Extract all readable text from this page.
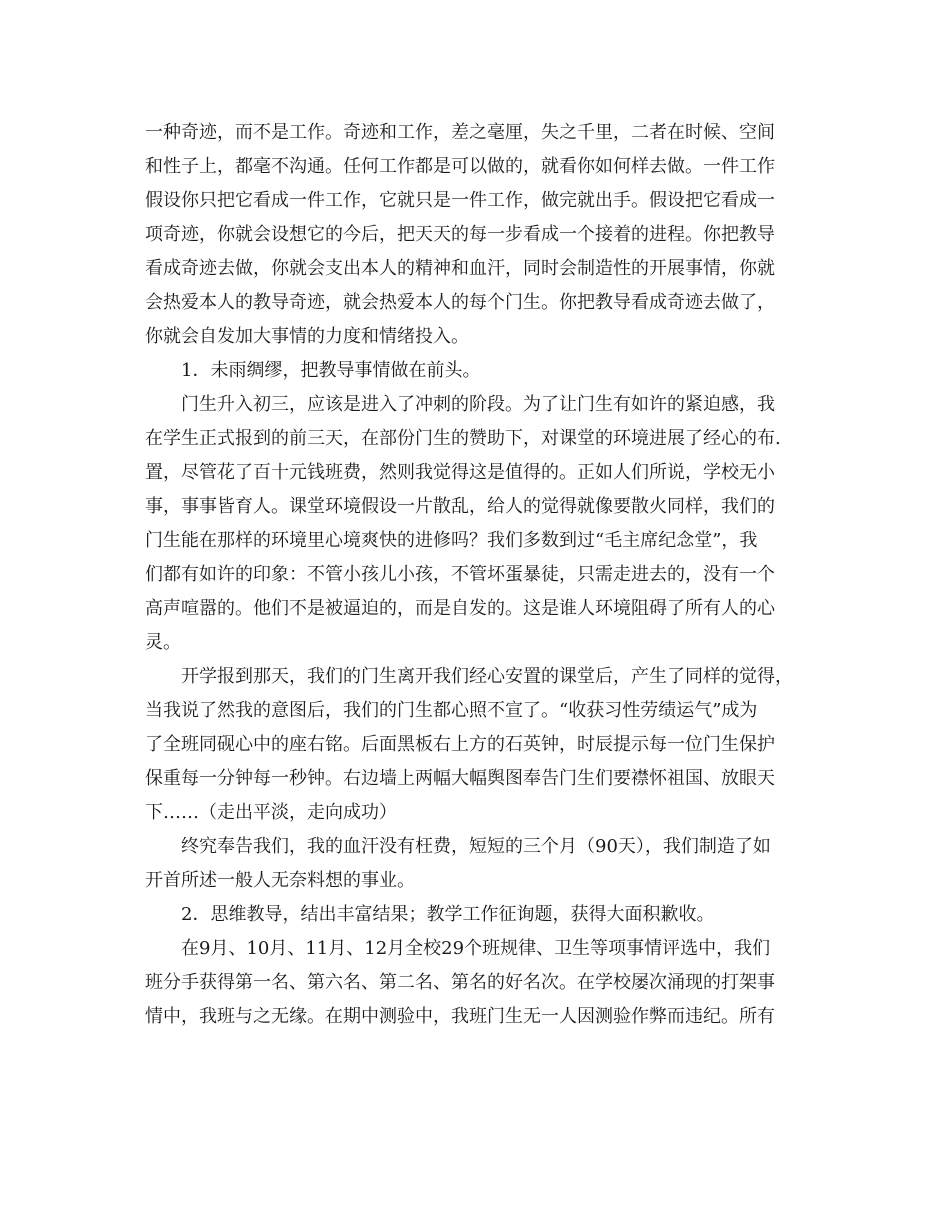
一种奇迹，而不是工作。奇迹和工作，差之毫厘，失之千里，二者在时候、空间
和性子上，都毫不沟通。任何工作都是可以做的，就看你如何样去做。一件工作
假设你只把它看成一件工作，它就只是一件工作，做完就出手。假设把它看成一
项奇迹，你就会设想它的今后，把天天的每一步看成一个接着的进程。你把教导
看成奇迹去做，你就会支出本人的精神和血汗，同时会制造性的开展事情，你就
会热爱本人的教导奇迹，就会热爱本人的每个门生。你把教导看成奇迹去做了，
你就会自发加大事情的力度和情绪投入。
1．未雨绸缪，把教导事情做在前头。
门生升入初三，应该是进入了冲刺的阶段。为了让门生有如许的紧迫感，我
在学生正式报到的前三天，在部份门生的赞助下，对课堂的环境进展了经心的布.
置，尽管花了百十元钱班费，然则我觉得这是值得的。正如人们所说，学校无小
事，事事皆育人。课堂环境假设一片散乱，给人的觉得就像要散火同样，我们的
门生能在那样的环境里心境爽快的进修吗？我们多数到过“毛主席纪念堂”，我
们都有如许的印象：不管小孩儿小孩，不管坏蛋暴徒，只需走进去的，没有一个
高声喧嚣的。他们不是被逼迫的，而是自发的。这是谁人环境阻碍了所有人的心
灵。
开学报到那天，我们的门生离开我们经心安置的课堂后，产生了同样的觉得，
当我说了然我的意图后，我们的门生都心照不宣了。“收获习性劳绩运气”成为
了全班同砚心中的座右铭。后面黑板右上方的石英钟，时辰提示每一位门生保护
保重每一分钟每一秒钟。右边墙上两幅大幅舆图奉告门生们要襟怀祖国、放眼天
下……（走出平淡，走向成功）
终究奉告我们，我的血汗没有枉费，短短的三个月（90天），我们制造了如
开首所述一般人无奈料想的事业。
2．思维教导，结出丰富结果；教学工作征询题，获得大面积歉收。
在9月、10月、11月、12月全校29个班规律、卫生等项事情评选中，我们
班分手获得第一名、第六名、第二名、第名的好名次。在学校屡次涌现的打架事
情中，我班与之无缘。在期中测验中，我班门生无一人因测验作弊而违纪。所有
